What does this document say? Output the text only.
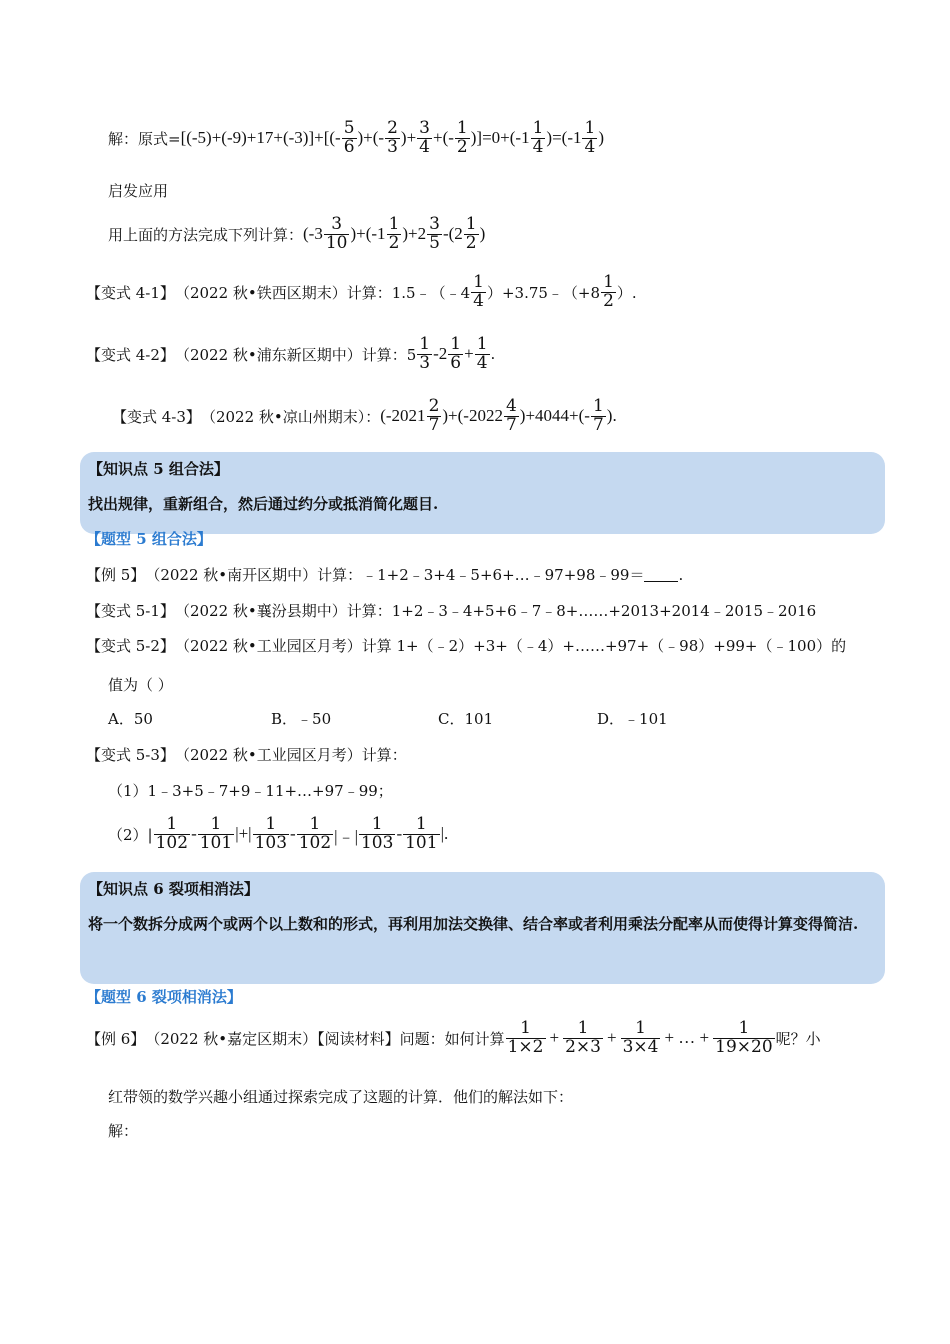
解：原式= $[(-5)+(-9)+17+(-3)]+[(- \frac{5}{6}$ )+(- $\frac{2}{3}$ )+ $\frac{3}{4}$ +(- $\frac{1}{2} )]=0+(-1 \frac{1}{4} )=(-1 \frac{1}{4}$ )
启发应用
用上面的方法完成下列计算： $(-3 \frac{3}{10} )+(-1 \frac{1}{2} )+2 \frac{3}{5} -(2 \frac{1}{2}$ )
【变式 4-1】 （2022 秋•铁西区期末）计算：1.5﹣（﹣4 $\frac{1}{4}$ ）+3.75﹣（+8 $\frac{1}{2}$ ）.
【变式 4-2】 （2022 秋•浦东新区期中）计算：$5 \frac{1}{3} -2 \frac{1}{6} + \frac{1}{4}$ .
【变式 4-3】 （2022 秋•凉山州期末）： $(-2021 \frac{2}{7} )+(-2022 \frac{4}{7} )+4044+(- \frac{1}{7}$ ).
【知识点 5 组合法】
找出规律，重新组合，然后通过约分或抵消简化题目.
【题型 5 组合法】
【例 5】 （2022 秋•南开区期中）计算：﹣1+2﹣3+4﹣5+6+…﹣97+98﹣99＝ .
【变式 5-1】 （2022 秋•襄汾县期中）计算：1+2﹣3﹣4+5+6﹣7﹣8+……+2013+2014﹣2015﹣2016
【变式 5-2】 （2022 秋•工业园区月考）计算 1+（﹣2）+3+（﹣4）+……+97+（﹣98）+99+（﹣100）的
值为（ ）
A．50	B．﹣50	C．101	D．﹣101
【变式 5-3】 （2022 秋•工业园区月考）计算：
（1）1﹣3+5﹣7+9﹣11+…+97﹣99；
$(2)| \frac{1}{102} - \frac{1}{101}$ |+| $\frac{1}{103} - \frac{1}{102}$ |﹣| $\frac{1}{103} - \frac{1}{101}$ |.
【知识点 6 裂项相消法】
将一个数拆分成两个或两个以上数和的形式，再利用加法交换律、结合率或者利用乘法分配率从而使得计算变得简洁.
【题型 6 裂项相消法】
【例 6】 （2022 秋•嘉定区期末）【阅读材料】问题：如何计算 $\frac{1}{1\times 2} + \frac{1}{2\times 3} + \frac{1}{3\times 4}$ + … + $\frac{1}{19\times 20}$ 呢？小
红带领的数学兴趣小组通过探索完成了这题的计算．他们的解法如下：
解：
